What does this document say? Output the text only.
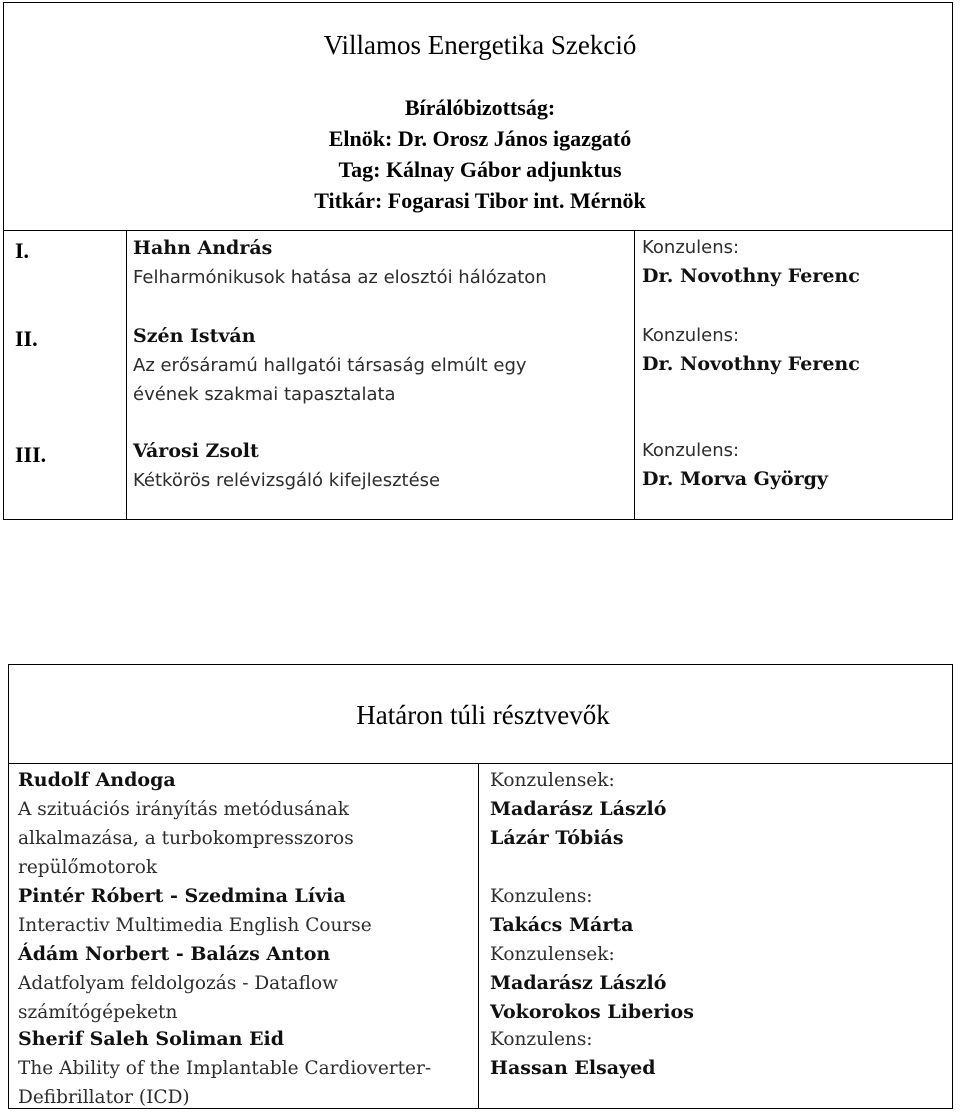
Villamos Energetika Szekció
Bírálóbizottság:
Elnök: Dr. Orosz János igazgató
Tag: Kálnay Gábor adjunktus
Titkár: Fogarasi Tibor int. Mérnök
I.	Hahn András
Felharmónikusok hatása az elosztói hálózaton
Konzulens:
Dr. Novothny Ferenc
II.	Szén István
Az erősáramú hallgatói társaság elmúlt egy
évének szakmai tapasztalata
Konzulens:
Dr. Novothny Ferenc
III.	Városi Zsolt
Kétkörös relévizsgáló kifejlesztése
Konzulens:
Dr. Morva György
Határon túli résztvevők
Rudolf Andoga
A szituációs irányítás metódusának
alkalmazása, a turbokompresszoros
repülőmotorok
Konzulensek:
Madarász László
Lázár Tóbiás
Pintér Róbert - Szedmina Lívia
Interactiv Multimedia English Course
Konzulens:
Takács Márta
Ádám Norbert - Balázs Anton
Adatfolyam feldolgozás - Dataflow
számítógépeketn
Konzulensek:
Madarász László
Vokorokos Liberios
Sherif Saleh Soliman Eid
The Ability of the Implantable Cardioverter-
Defibrillator (ICD)
Konzulens:
Hassan Elsayed
